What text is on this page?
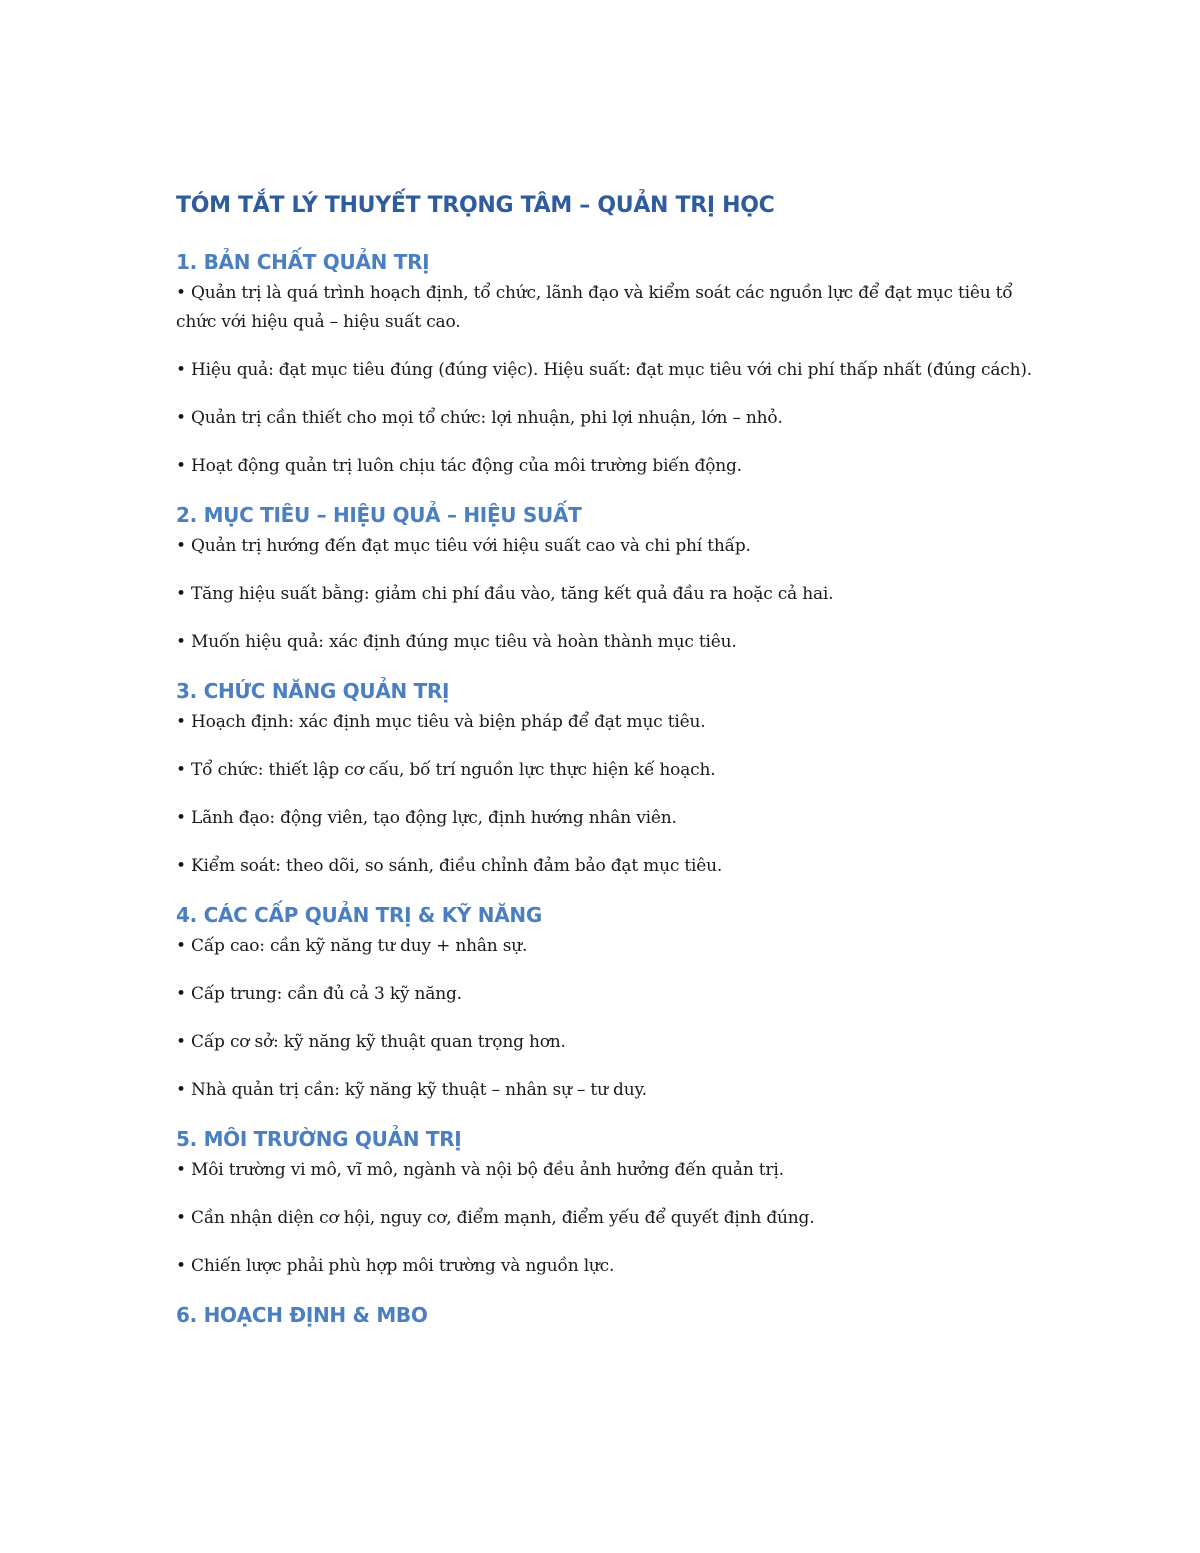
TÓM TẮT LÝ THUYẾT TRỌNG TÂM – QUẢN TRỊ HỌC
1. BẢN CHẤT QUẢN TRỊ

• Quản trị là quá trình hoạch định, tổ chức, lãnh đạo và kiểm soát các nguồn lực để đạt mục tiêu tổ chức với hiệu quả – hiệu suất cao.

• Hiệu quả: đạt mục tiêu đúng (đúng việc). Hiệu suất: đạt mục tiêu với chi phí thấp nhất (đúng cách).

• Quản trị cần thiết cho mọi tổ chức: lợi nhuận, phi lợi nhuận, lớn – nhỏ.

• Hoạt động quản trị luôn chịu tác động của môi trường biến động.

2. MỤC TIÊU – HIỆU QUẢ – HIỆU SUẤT

• Quản trị hướng đến đạt mục tiêu với hiệu suất cao và chi phí thấp.

• Tăng hiệu suất bằng: giảm chi phí đầu vào, tăng kết quả đầu ra hoặc cả hai.

• Muốn hiệu quả: xác định đúng mục tiêu và hoàn thành mục tiêu.

3. CHỨC NĂNG QUẢN TRỊ

• Hoạch định: xác định mục tiêu và biện pháp để đạt mục tiêu.

• Tổ chức: thiết lập cơ cấu, bố trí nguồn lực thực hiện kế hoạch.

• Lãnh đạo: động viên, tạo động lực, định hướng nhân viên.

• Kiểm soát: theo dõi, so sánh, điều chỉnh đảm bảo đạt mục tiêu.

4. CÁC CẤP QUẢN TRỊ & KỸ NĂNG

• Cấp cao: cần kỹ năng tư duy + nhân sự.

• Cấp trung: cần đủ cả 3 kỹ năng.

• Cấp cơ sở: kỹ năng kỹ thuật quan trọng hơn.

• Nhà quản trị cần: kỹ năng kỹ thuật – nhân sự – tư duy.

5. MÔI TRƯỜNG QUẢN TRỊ

• Môi trường vi mô, vĩ mô, ngành và nội bộ đều ảnh hưởng đến quản trị.

• Cần nhận diện cơ hội, nguy cơ, điểm mạnh, điểm yếu để quyết định đúng.

• Chiến lược phải phù hợp môi trường và nguồn lực.

6. HOẠCH ĐỊNH & MBO
